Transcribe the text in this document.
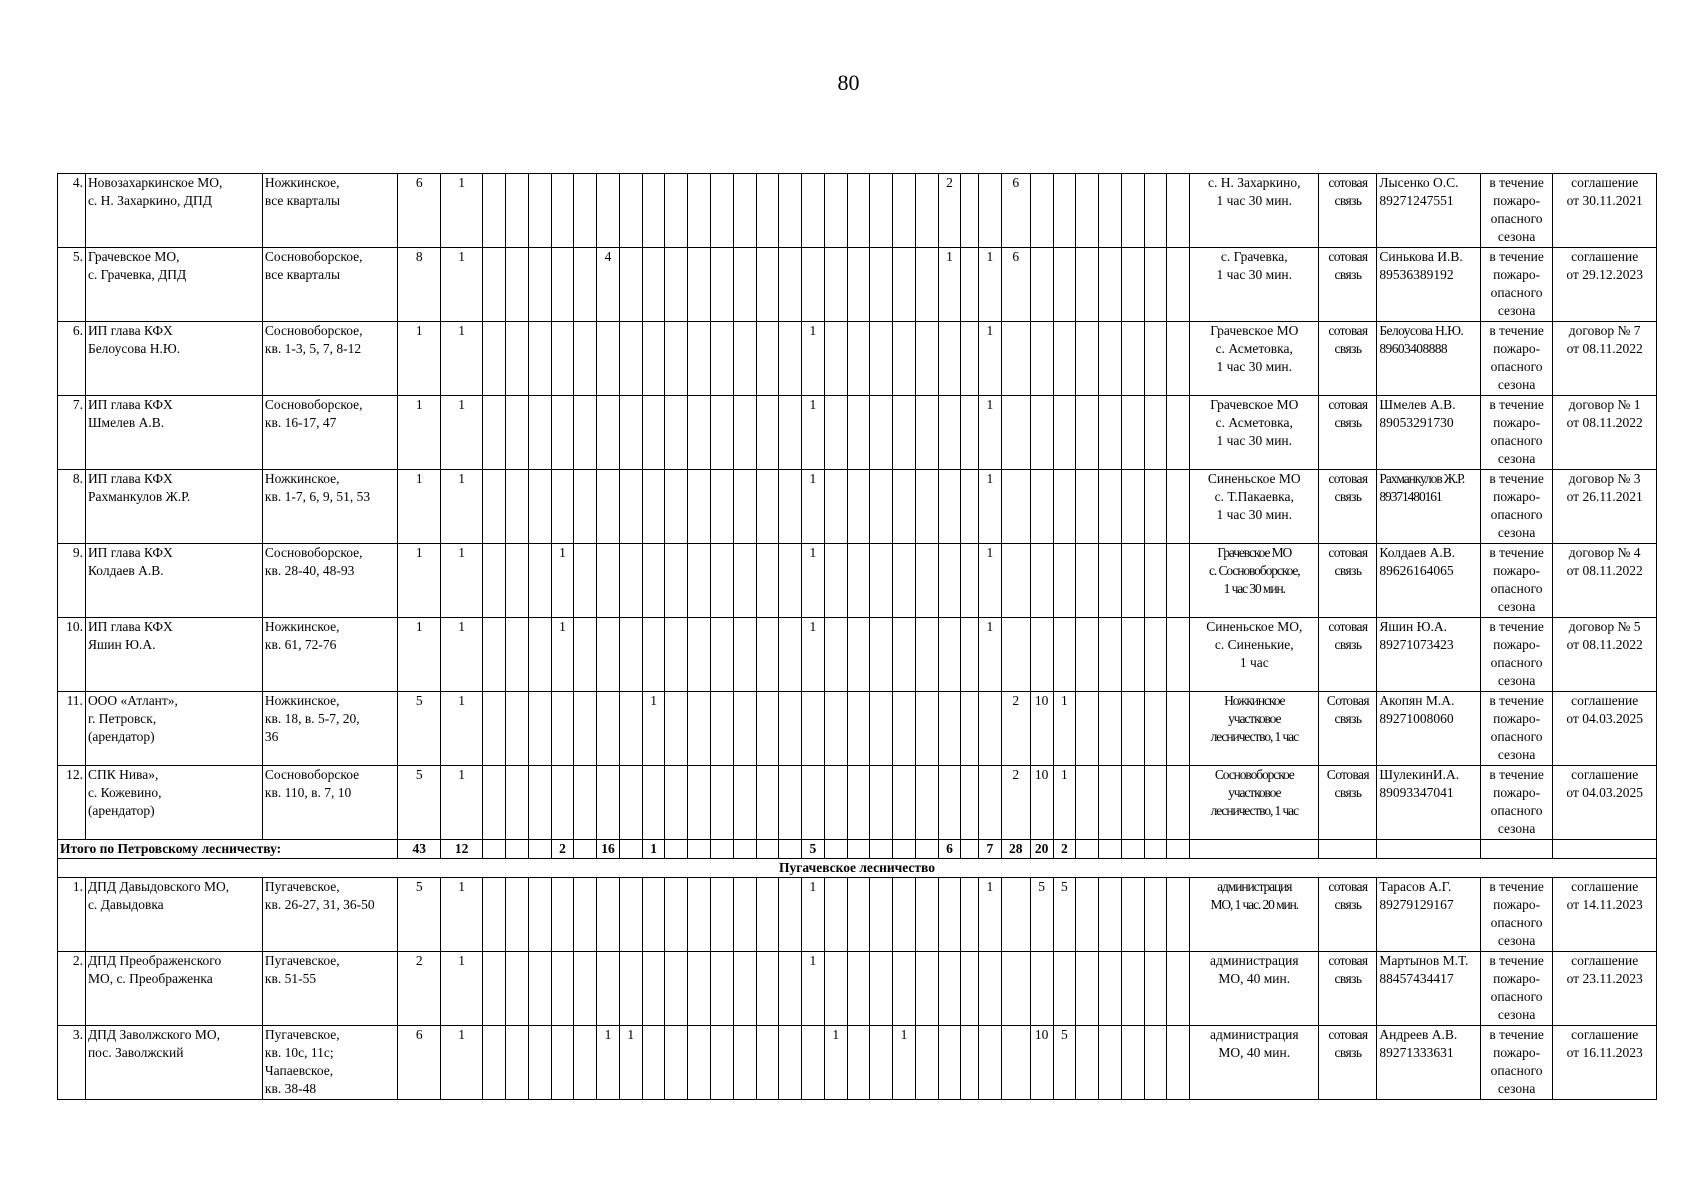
80
4.	Новозахаркинское МО,
с. Н. Захаркино, ДПД	Ножкинское,
все кварталы	6	1																					2			6								с. Н. Захаркино,
1 час 30 мин.	сотовая
связь	Лысенко О.С.
89271247551	в течение
пожаро-
опасного
сезона	соглашение
от 30.11.2021

5.	Грачевское МО,
с. Грачевка, ДПД	Сосновоборское,
все кварталы	8	1						4															1		1	6								с. Грачевка,
1 час 30 мин.	сотовая
связь	Синькова И.В.
89536389192	в течение
пожаро-
опасного
сезона	соглашение
от 29.12.2023

6.	ИП глава КФХ
Белоусова Н.Ю.	Сосновоборское,
кв. 1-3, 5, 7, 8-12	1	1															1								1									Грачевское МО
с. Асметовка,
1 час 30 мин.	сотовая
связь	Белоусова Н.Ю.
89603408888	в течение
пожаро-
опасного
сезона	договор № 7
от 08.11.2022

7.	ИП глава КФХ
Шмелев А.В.	Сосновоборское,
кв. 16-17, 47	1	1															1								1									Грачевское МО
с. Асметовка,
1 час 30 мин.	сотовая
связь	Шмелев А.В.
89053291730	в течение
пожаро-
опасного
сезона	договор № 1
от 08.11.2022

8.	ИП глава КФХ
Рахманкулов Ж.Р.	Ножкинское,
кв. 1-7, 6, 9, 51, 53	1	1															1								1									Синеньское МО
с. Т.Пакаевка,
1 час 30 мин.	сотовая
связь	Рахманкулов Ж.Р.
89371480161	в течение
пожаро-
опасного
сезона	договор № 3
от 26.11.2021

9.	ИП глава КФХ
Колдаев А.В.	Сосновоборское,
кв. 28-40, 48-93	1	1				1											1								1									Грачевское МО
с. Сосновоборское,
1 час 30 мин.	сотовая
связь	Колдаев А.В.
89626164065	в течение
пожаро-
опасного
сезона	договор № 4
от 08.11.2022

10.	ИП глава КФХ
Яшин Ю.А.	Ножкинское,
кв. 61, 72-76	1	1				1											1								1									Синеньское МО,
с. Синенькие,
1 час	сотовая
связь	Яшин Ю.А.
89271073423	в течение
пожаро-
опасного
сезона	договор № 5
от 08.11.2022

11.	ООО «Атлант»,
г. Петровск,
(арендатор)	Ножкинское,
кв. 18, в. 5-7, 20,
36	5	1								1																2	10	1						Ножкинское
участковое
лесничество, 1 час	Сотовая
связь	Акопян М.А.
89271008060	в течение
пожаро-
опасного
сезона	соглашение
от 04.03.2025

12.	СПК Нива»,
с. Кожевино,
(арендатор)	Сосновоборское
кв. 110, в. 7, 10	5	1																								2	10	1						Сосновоборское
участковое
лесничество, 1 час	Сотовая
связь	ШулекинИ.А.
89093347041	в течение
пожаро-
опасного
сезона	соглашение
от 04.03.2025

Итого по Петровскому лесничеству:			43	12				2		16		1							5						6		7	28	20	2										
Пугачевское лесничество																																								
1.	ДПД Давыдовского МО,
с. Давыдовка	Пугачевское,
кв. 26-27, 31, 36-50	5	1															1								1		5	5						администрация
МО, 1 час. 20 мин.	сотовая
связь	Тарасов А.Г.
89279129167	в течение
пожаро-
опасного
сезона	соглашение
от 14.11.2023

2.	ДПД Преображенского
МО, с. Преображенка	Пугачевское,
кв. 51-55	2	1															1																	администрация
МО, 40 мин.	сотовая
связь	Мартынов М.Т.
88457434417	в течение
пожаро-
опасного
сезона	соглашение
от 23.11.2023

3.	ДПД Заволжского МО,
пос. Заволжский	Пугачевское,
кв. 10с, 11с;
Чапаевское,
кв. 38-48	6	1						1	1									1			1						10	5						администрация
МО, 40 мин.	сотовая
связь	Андреев А.В.
89271333631	в течение
пожаро-
опасного
сезона	соглашение
от 16.11.2023
